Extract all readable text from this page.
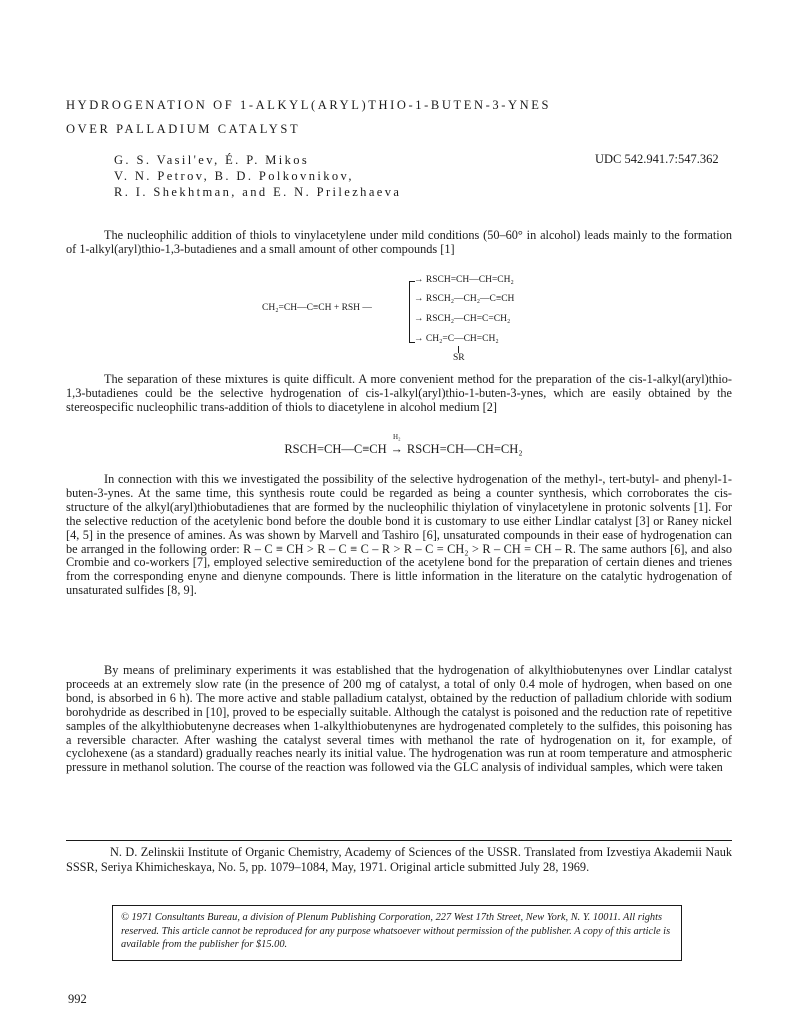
HYDROGENATION OF 1-ALKYL(ARYL)THIO-1-BUTEN-3-YNES
OVER PALLADIUM CATALYST
G. S. Vasil'ev, É. P. Mikos
V. N. Petrov, B. D. Polkovnikov,
R. I. Shekhtman, and E. N. Prilezhaeva
UDC 542.941.7:547.362
The nucleophilic addition of thiols to vinylacetylene under mild conditions (50–60° in alcohol) leads mainly to the formation of 1-alkyl(aryl)thio-1,3-butadienes and a small amount of other compounds [1]
CH₂=CH—C≡CH + RSH —
→ RSCH=CH—CH=CH₂
→ RSCH₂—CH₂—C≡CH
→ RSCH₂—CH=C=CH₂
→ CH₂=C—CH=CH₂
SR
The separation of these mixtures is quite difficult. A more convenient method for the preparation of the cis-1-alkyl(aryl)thio-1,3-butadienes could be the selective hydrogenation of cis-1-alkyl(aryl)thio-1-buten-3-ynes, which are easily obtained by the stereospecific nucleophilic trans-addition of thiols to diacetylene in alcohol medium [2]
RSCH=CH—C≡CH
H₂
→ RSCH=CH—CH=CH₂
In connection with this we investigated the possibility of the selective hydrogenation of the methyl-, tert-butyl- and phenyl-1-buten-3-ynes. At the same time, this synthesis route could be regarded as being a counter synthesis, which corroborates the cis-structure of the alkyl(aryl)thiobutadienes that are formed by the nucleophilic thiylation of vinylacetylene in protonic solvents [1]. For the selective reduction of the acetylenic bond before the double bond it is customary to use either Lindlar catalyst [3] or Raney nickel [4, 5] in the presence of amines. As was shown by Marvell and Tashiro [6], unsaturated compounds in their ease of hydrogenation can be arranged in the following order: R – C ≡ CH > R – C ≡ C – R > R – C = CH₂ > R – CH = CH – R. The same authors [6], and also Crombie and co-workers [7], employed selective semireduction of the acetylene bond for the preparation of certain dienes and trienes from the corresponding enyne and dienyne compounds. There is little information in the literature on the catalytic hydrogenation of unsaturated sulfides [8, 9].
By means of preliminary experiments it was established that the hydrogenation of alkylthiobutenynes over Lindlar catalyst proceeds at an extremely slow rate (in the presence of 200 mg of catalyst, a total of only 0.4 mole of hydrogen, when based on one bond, is absorbed in 6 h). The more active and stable palladium catalyst, obtained by the reduction of palladium chloride with sodium borohydride as described in [10], proved to be especially suitable. Although the catalyst is poisoned and the reduction rate of repetitive samples of the alkylthiobutenyne decreases when 1-alkylthiobutenynes are hydrogenated completely to the sulfides, this poisoning has a reversible character. After washing the catalyst several times with methanol the rate of hydrogenation on it, for example, of cyclohexene (as a standard) gradually reaches nearly its initial value. The hydrogenation was run at room temperature and atmospheric pressure in methanol solution. The course of the reaction was followed via the GLC analysis of individual samples, which were taken
N. D. Zelinskii Institute of Organic Chemistry, Academy of Sciences of the USSR. Translated from Izvestiya Akademii Nauk SSSR, Seriya Khimicheskaya, No. 5, pp. 1079–1084, May, 1971. Original article submitted July 28, 1969.
© 1971 Consultants Bureau, a division of Plenum Publishing Corporation, 227 West 17th Street, New York, N. Y. 10011. All rights reserved. This article cannot be reproduced for any purpose whatsoever without permission of the publisher. A copy of this article is available from the publisher for $15.00.
992
